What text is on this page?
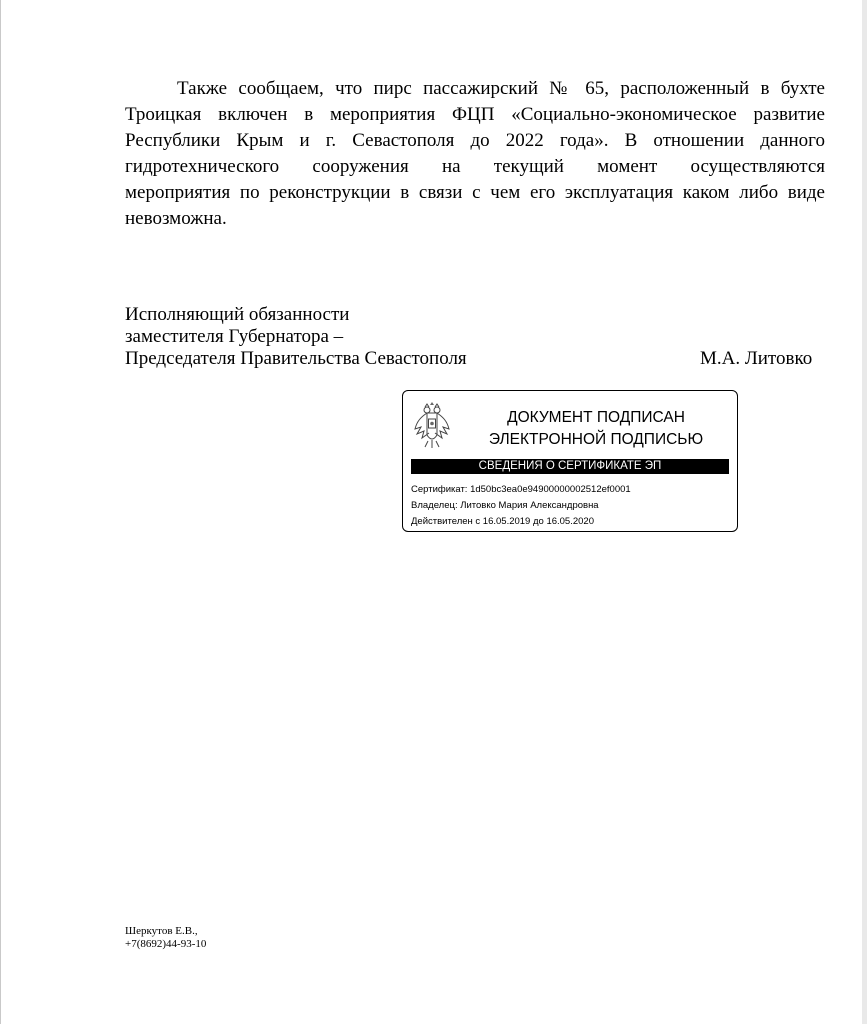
Также сообщаем, что пирс пассажирский № 65, расположенный в бухте
Троицкая включен в мероприятия ФЦП «Социально-экономическое развитие
Республики Крым и г. Севастополя до 2022 года». В отношении данного
гидротехнического сооружения на текущий момент осуществляются
мероприятия по реконструкции в связи с чем его эксплуатация каком либо виде
невозможна.
Исполняющий обязанности
заместителя Губернатора –
Председателя Правительства Севастополя	М.А. Литовко
ДОКУМЕНТ ПОДПИСАН
ЭЛЕКТРОННОЙ ПОДПИСЬЮ
СВЕДЕНИЯ О СЕРТИФИКАТЕ ЭП
Сертификат: 1d50bc3ea0e94900000002512ef0001
Владелец: Литовко Мария Александровна
Действителен с 16.05.2019 до 16.05.2020
Шеркутов Е.В.,
+7(8692)44-93-10
